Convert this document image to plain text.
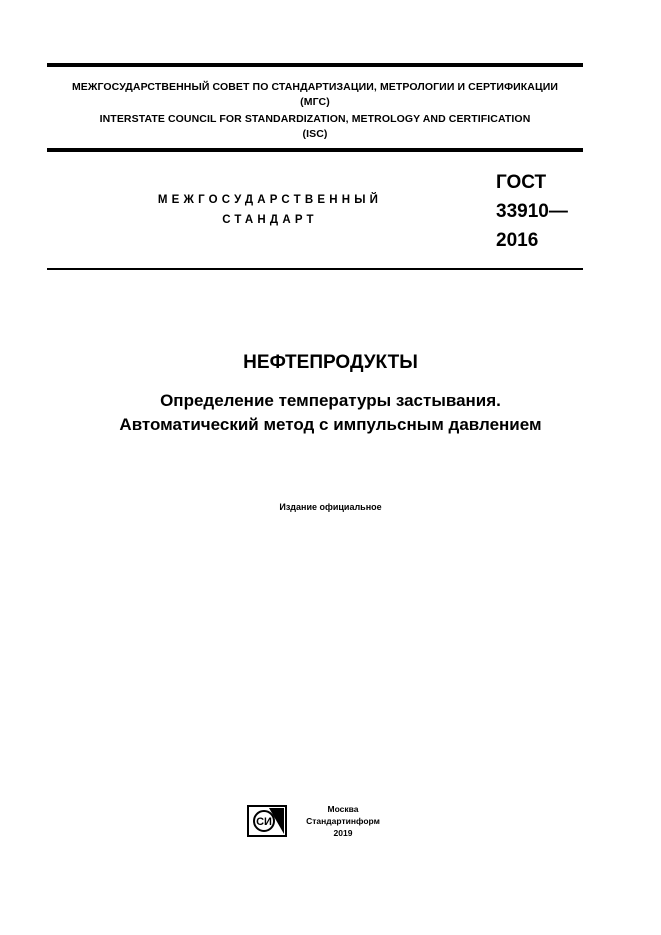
МЕЖГОСУДАРСТВЕННЫЙ СОВЕТ ПО СТАНДАРТИЗАЦИИ, МЕТРОЛОГИИ И СЕРТИФИКАЦИИ
(МГС)
INTERSTATE COUNCIL FOR STANDARDIZATION, METROLOGY AND CERTIFICATION
(ISC)
МЕЖГОСУДАРСТВЕННЫЙ
СТАНДАРТ
ГОСТ
33910—
2016
НЕФТЕПРОДУКТЫ
Определение температуры застывания.
Автоматический метод с импульсным давлением
Издание официальное
СИ
Москва
Стандартинформ
2019
